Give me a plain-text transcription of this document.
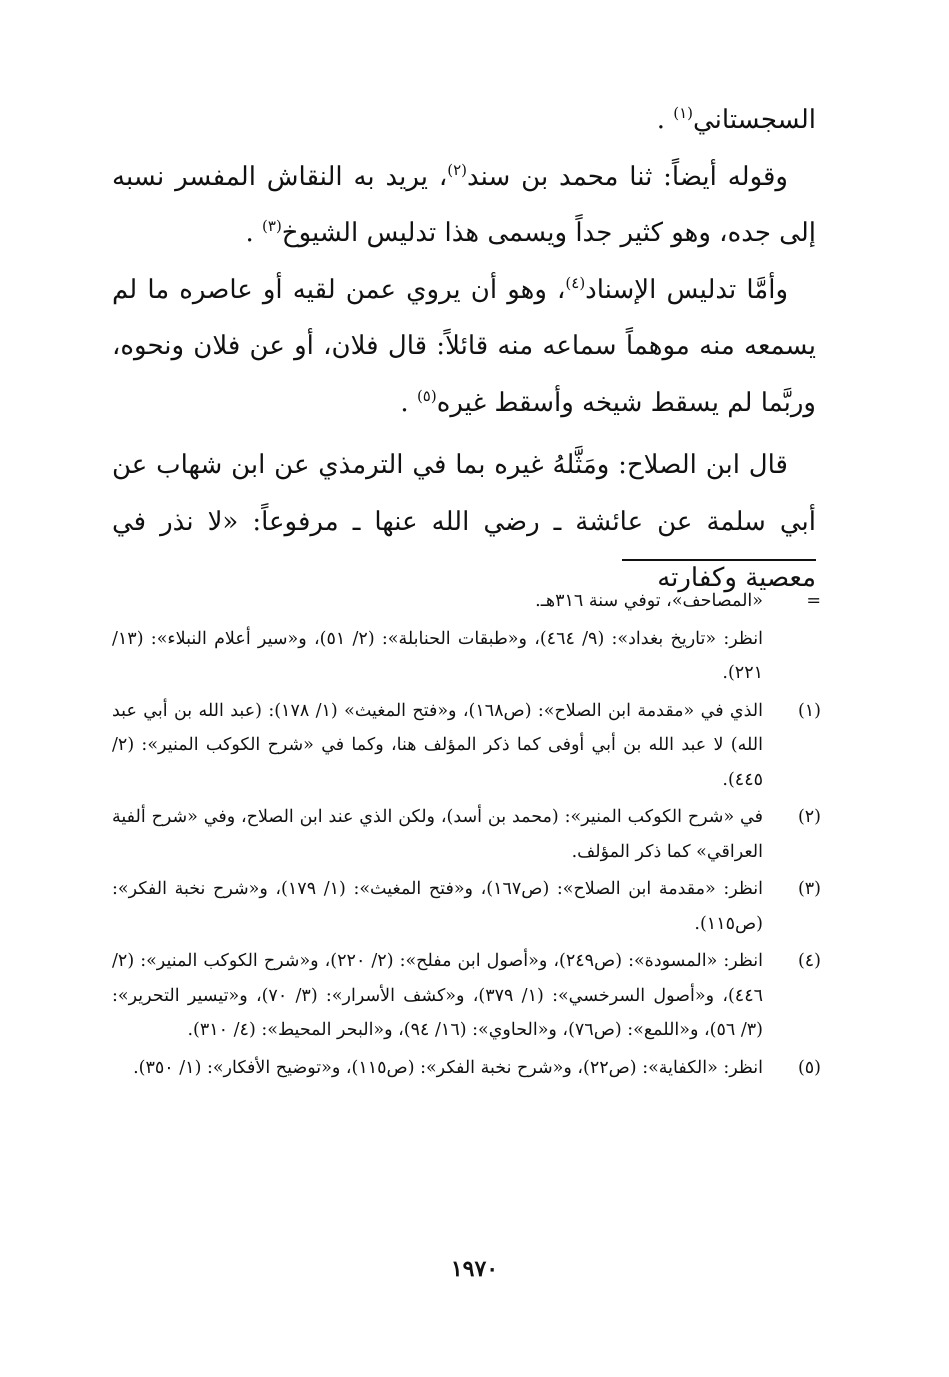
السجستاني$^{(١)}$ .

وقوله أيضاً: ثنا محمد بن سند$^{(٢)}$، يريد به النقاش المفسر نسبه إلى جده، وهو كثير جداً ويسمى هذا تدليس الشيوخ$^{(٣)}$ .

وأمَّا تدليس الإسناد$^{(٤)}$، وهو أن يروي عمن لقيه أو عاصره ما لم يسمعه منه موهماً سماعه منه قائلاً: قال فلان، أو عن فلان ونحوه، وربَّما لم يسقط شيخه وأسقط غيره$^{(٥)}$ .

قال ابن الصلاح: ومَثَّلهُ غيره بما في الترمذي عن ابن شهاب عن أبي سلمة عن عائشة ـ رضي الله عنها ـ مرفوعاً: «لا نذر في معصية وكفارته

=
«المصاحف»، توفي سنة ٣١٦هـ.
انظر: «تاريخ بغداد»: (٩/ ٤٦٤)، و«طبقات الحنابلة»: (٢/ ٥١)، و«سير أعلام النبلاء»: (١٣/ ٢٢١).
(١)
الذي في «مقدمة ابن الصلاح»: (ص١٦٨)، و«فتح المغيث» (١/ ١٧٨): (عبد الله بن أبي عبد الله) لا عبد الله بن أبي أوفى كما ذكر المؤلف هنا، وكما في «شرح الكوكب المنير»: (٢/ ٤٤٥).
(٢)
في «شرح الكوكب المنير»: (محمد بن أسد)، ولكن الذي عند ابن الصلاح، وفي «شرح ألفية العراقي» كما ذكر المؤلف.
(٣)
انظر: «مقدمة ابن الصلاح»: (ص١٦٧)، و«فتح المغيث»: (١/ ١٧٩)، و«شرح نخبة الفكر»: (ص١١٥).
(٤)
انظر: «المسودة»: (ص٢٤٩)، و«أصول ابن مفلح»: (٢/ ٢٢٠)، و«شرح الكوكب المنير»: (٢/ ٤٤٦)، و«أصول السرخسي»: (١/ ٣٧٩)، و«كشف الأسرار»: (٣/ ٧٠)، و«تيسير التحرير»: (٣/ ٥٦)، و«اللمع»: (ص٧٦)، و«الحاوي»: (١٦/ ٩٤)، و«البحر المحيط»: (٤/ ٣١٠).
(٥)
انظر: «الكفاية»: (ص٢٢)، و«شرح نخبة الفكر»: (ص١١٥)، و«توضيح الأفكار»: (١/ ٣٥٠).
١٩٧٠
